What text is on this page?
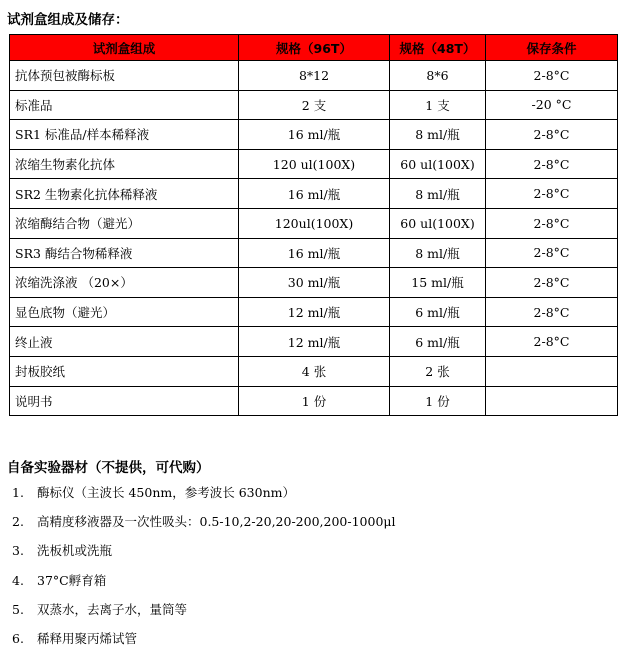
试剂盒组成及储存：
试剂盒组成	规格（96T）	规格（48T）	保存条件
抗体预包被酶标板	8*12	8*6	2-8°C
标准品	2 支	1 支	-20 °C
SR1 标准品/样本稀释液	16 ml/瓶	8 ml/瓶	2-8°C
浓缩生物素化抗体	120 ul(100X)	60 ul(100X)	2-8°C
SR2 生物素化抗体稀释液	16 ml/瓶	8 ml/瓶	2-8°C
浓缩酶结合物（避光）	120ul(100X)	60 ul(100X)	2-8°C
SR3 酶结合物稀释液	16 ml/瓶	8 ml/瓶	2-8°C
浓缩洗涤液 （20×）	30 ml/瓶	15 ml/瓶	2-8°C
显色底物（避光）	12 ml/瓶	6 ml/瓶	2-8°C
终止液	12 ml/瓶	6 ml/瓶	2-8°C
封板胶纸	4 张	2 张	
说明书	1 份	1 份	
自备实验器材（不提供，可代购）
1.	酶标仪（主波长 450nm，参考波长 630nm）
2.	高精度移液器及一次性吸头：0.5-10,2-20,20-200,200-1000μl
3.	洗板机或洗瓶
4.	37°C孵育箱
5.	双蒸水，去离子水，量筒等
6.	稀释用聚丙烯试管
